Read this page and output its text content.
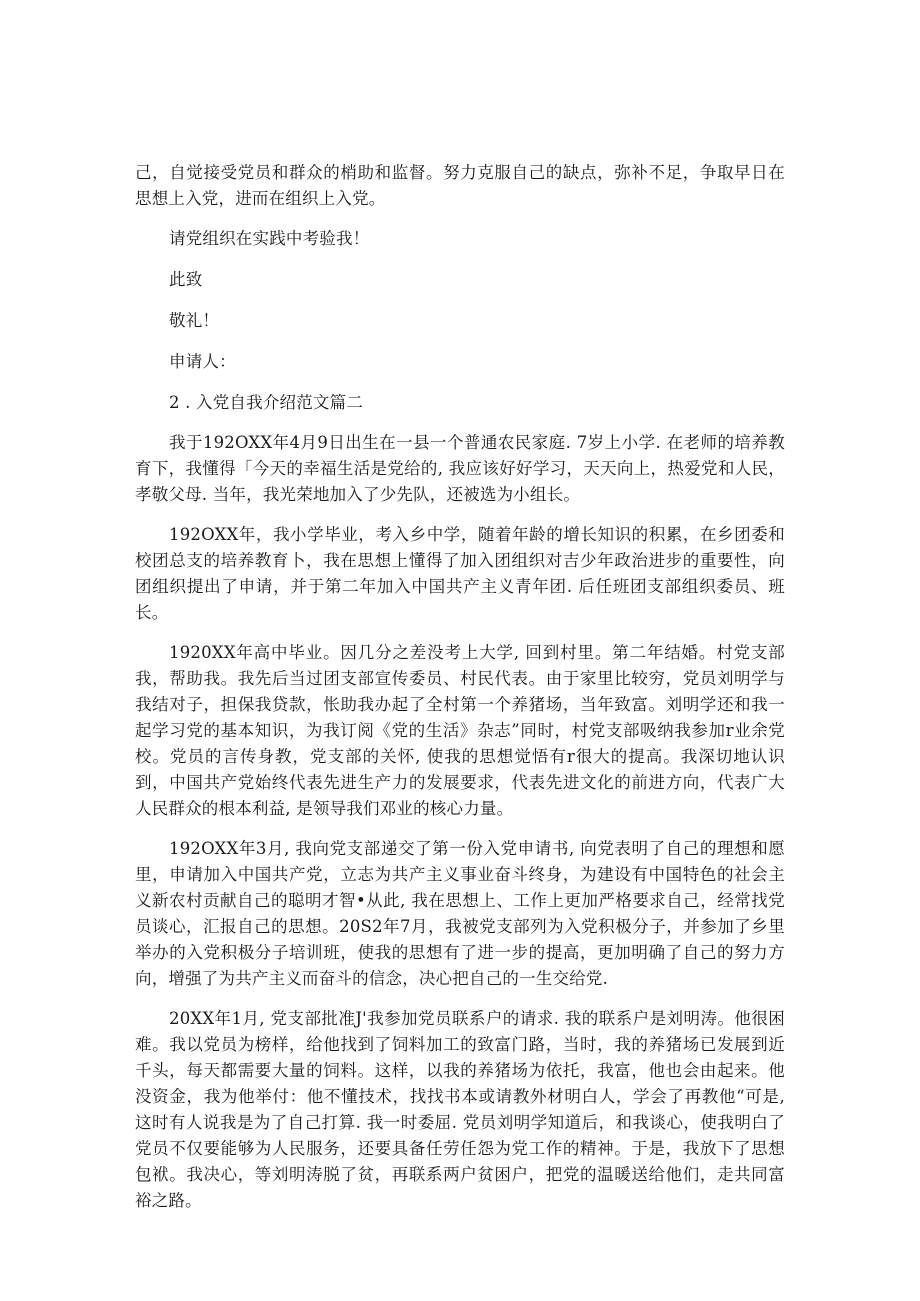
己，自觉接受党员和群众的梢助和监督。努力克服自己的缺点，弥补不足，争取早日在思想上入党，进而在组织上入党。

请党组织在实践中考验我！

此致

敬礼！

申请人：

2 . 入党自我介绍范文篇二

我于192OXX年4月9日出生在一县一个普通农民家庭. 7岁上小学. 在老师的培养教育下，我懂得「今天的幸福生活是党给的, 我应该好好学习，天天向上，热爱党和人民，孝敬父母. 当年，我光荣地加入了少先队，还被选为小组长。

192OXX年，我小学毕业，考入乡中学，随着年龄的增长知识的积累，在乡团委和校团总支的培养教育卜，我在思想上懂得了加入团组织对吉少年政治进步的重要性，向团组织提出了申请，并于第二年加入中国共产主义青年团. 后任班团支部组织委员、班长。

1920XX年高中毕业。因几分之差没考上大学, 回到村里。第二年结婚。村党支部我，帮助我。我先后当过团支部宣传委员、村民代表。由于家里比较穷，党员刘明学与我结对子，担保我贷款，怅助我办起了全村第一个养猪场，当年致富。刘明学还和我一起学习党的基本知识，为我订阅《党的生活》杂志”同时，村党支部吸纳我参加r业余党校。党员的言传身教，党支部的关怀, 使我的思想觉悟有r很大的提高。我深切地认识到，中国共产党始终代表先进生产力的发展要求，代表先进文化的前进方向，代表广大人民群众的根本利益, 是领导我们邓业的核心力量。

192OXX年3月, 我向党支部递交了第一份入党申请书, 向党表明了自己的理想和愿里，申请加入中国共产党，立志为共产主义事业奋斗终身，为建设有中国特色的社会主义新农村贡献自己的聪明才智•从此, 我在思想上、工作上更加严格要求自己，经常找党员谈心，汇报自己的思想。20S2年7月，我被党支部列为入党积极分子，并参加了乡里举办的入党积极分子培训班，使我的思想有了进一步的提高，更加明确了自己的努力方向，增强了为共产主义而奋斗的信念，决心把自己的一生交给党.

20XX年1月, 党支部批准J'我参加党员联系户的请求. 我的联系户是刘明涛。他很困难。我以党员为榜样，给他找到了饲料加工的致富门路，当时，我的养猪场已发展到近千头，每天都需要大量的饲料。这样，以我的养猪场为依托，我富，他也会由起来。他没资金，我为他举付：他不懂技术，找找书本或请教外材明白人，学会了再教他“可是, 这时有人说我是为了自己打算. 我一时委屈. 党员刘明学知道后，和我谈心，使我明白了党员不仅要能够为人民服务，还要具备任劳任怨为党工作的精神。于是，我放下了思想包袱。我决心，等刘明涛脱了贫，再联系两户贫困户，把党的温暖送给他们，走共同富裕之路。
